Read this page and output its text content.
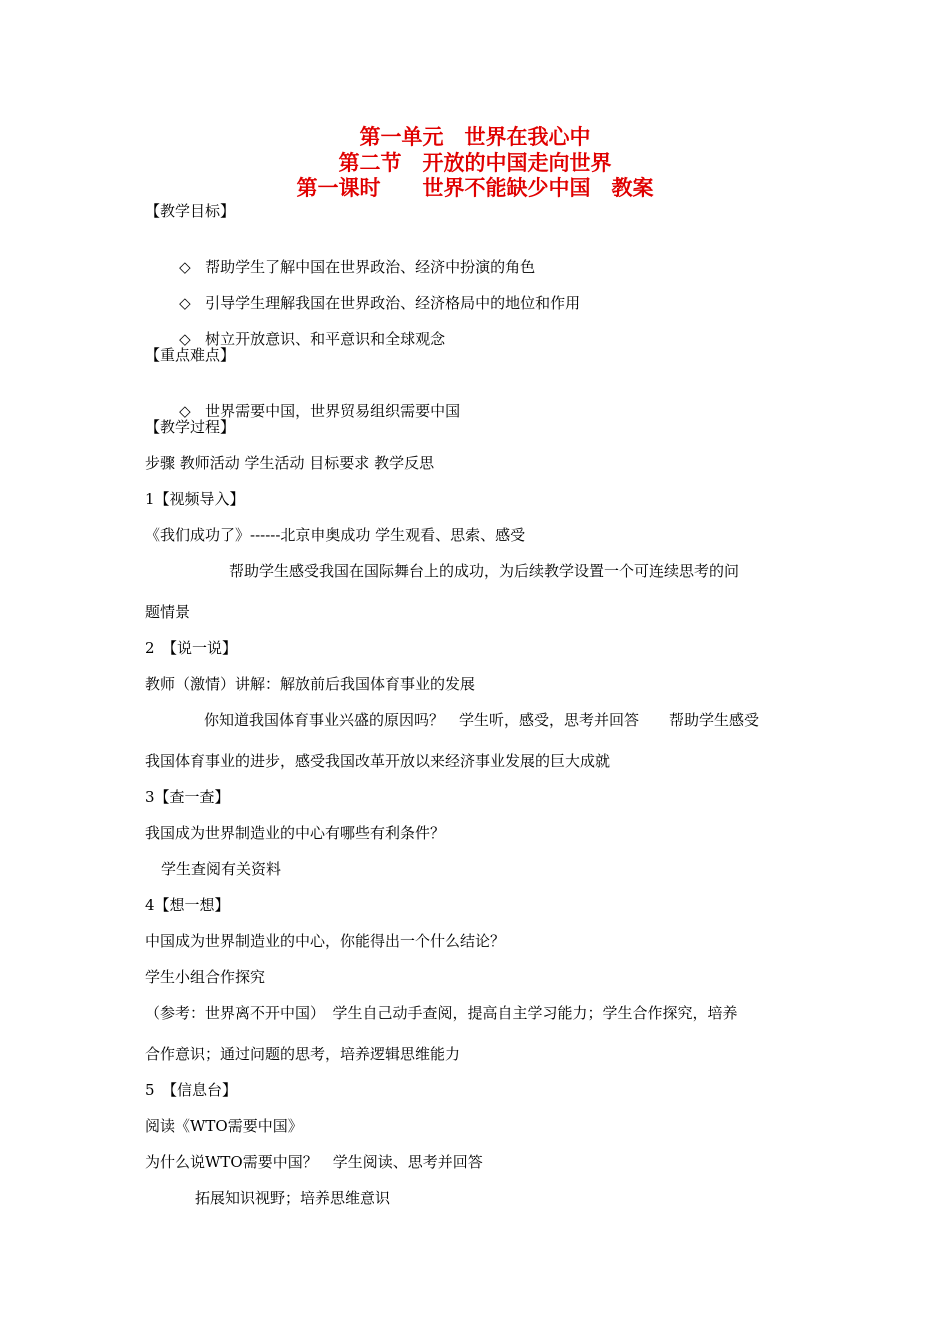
第一单元　世界在我心中
第二节　开放的中国走向世界
第一课时　　世界不能缺少中国　教案
【教学目标】

◇ 帮助学生了解中国在世界政治、经济中扮演的角色

◇ 引导学生理解我国在世界政治、经济格局中的地位和作用

◇ 树立开放意识、和平意识和全球观念

【重点难点】

◇ 世界需要中国，世界贸易组织需要中国

【教学过程】
步骤 教师活动 学生活动 目标要求 教学反思
1【视频导入】
《我们成功了》------北京申奥成功 学生观看、思索、感受
帮助学生感受我国在国际舞台上的成功，为后续教学设置一个可连续思考的问
题情景
2　【说一说】
教师（激情）讲解：解放前后我国体育事业的发展
你知道我国体育事业兴盛的原因吗？　学生听，感受，思考并回答　　帮助学生感受
我国体育事业的进步，感受我国改革开放以来经济事业发展的巨大成就
3【查一查】
我国成为世界制造业的中心有哪些有利条件？
学生查阅有关资料
4【想一想】
中国成为世界制造业的中心，你能得出一个什么结论？
学生小组合作探究
（参考：世界离不开中国）　学生自己动手查阅，提高自主学习能力；学生合作探究，培养
合作意识；通过问题的思考，培养逻辑思维能力
5　【信息台】
阅读《WTO需要中国》
为什么说WTO需要中国？　学生阅读、思考并回答
拓展知识视野；培养思维意识
